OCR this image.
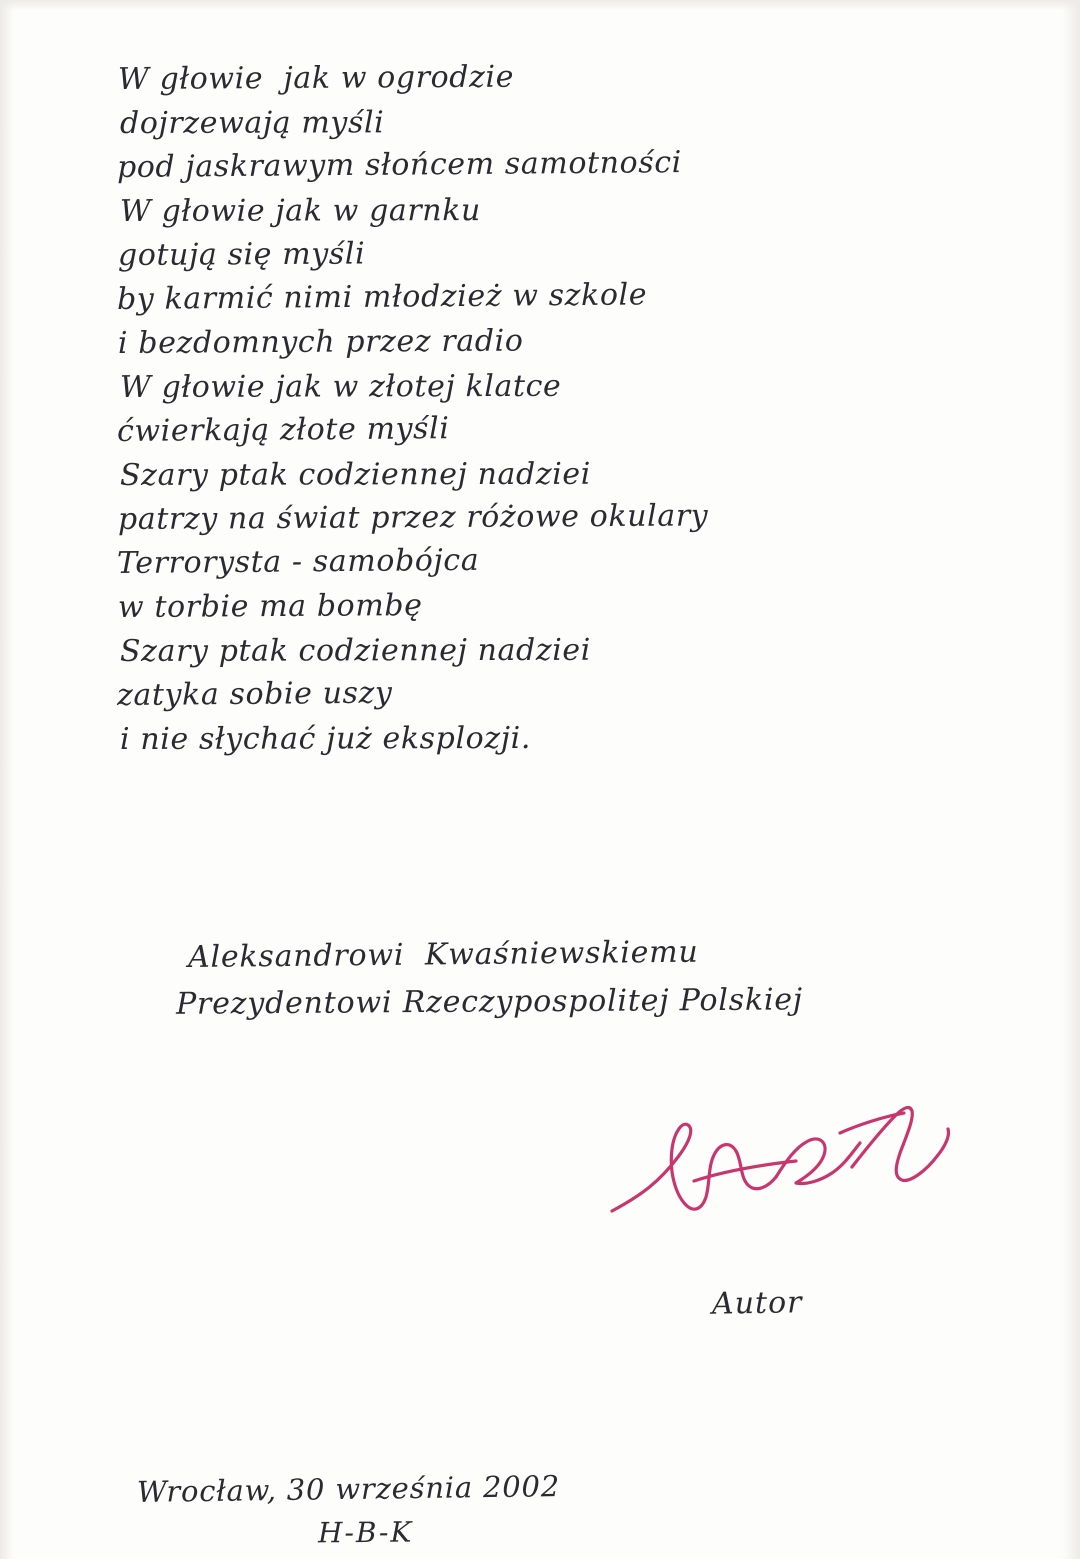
W głowie  jak w ogrodzie
dojrzewają myśli
pod jaskrawym słońcem samotności
W głowie jak w garnku
gotują się myśli
by karmić nimi młodzież w szkole
i bezdomnych przez radio
W głowie jak w złotej klatce
ćwierkają złote myśli
Szary ptak codziennej nadziei
patrzy na świat przez różowe okulary
Terrorysta - samobójca
w torbie ma bombę
Szary ptak codziennej nadziei
zatyka sobie uszy
i nie słychać już eksplozji.
Aleksandrowi  Kwaśniewskiemu
Prezydentowi Rzeczypospolitej Polskiej
Autor
Wrocław, 30 września 2002
H-B-K
